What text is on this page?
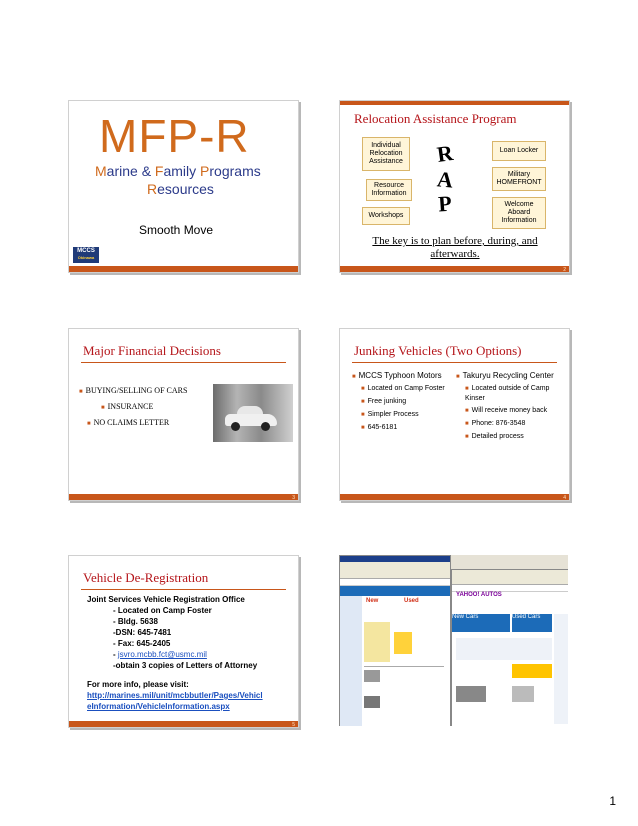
MFP-R
Marine & Family Programs
Resources
Smooth Move
MCCS
Okinawa
Relocation Assistance Program
Individual Relocation Assistance
Resource Information
Workshops
R
A
P
Loan Locker
Military HOMEFRONT
Welcome Aboard Information
The key is to plan before, during, and afterwards.
2
Major Financial Decisions
■ BUYING/SELLING OF CARS
■ INSURANCE
■ NO CLAIMS LETTER
3
Junking Vehicles (Two Options)
■ MCCS Typhoon Motors
■ Located on Camp Foster
■ Free junking
■ Simpler Process
■ 645-6181
■ Takuryu Recycling Center
■ Located outside of Camp Kinser
■ Will receive money back
■ Phone: 876-3548
■ Detailed process
4
Vehicle De-Registration
Joint Services Vehicle Registration Office
- Located on Camp Foster
- Bldg. 5638
-DSN: 645-7481
- Fax: 645-2405
- jsvro.mcbb.fct@usmc.mil
-obtain 3 copies of Letters of Attorney
For more info, please visit:
http://marines.mil/unit/mcbbutler/Pages/VehicleInformation/VehicleInformation.aspx
5
New	Used
YAHOO! AUTOS
New Cars	Used Cars
1
